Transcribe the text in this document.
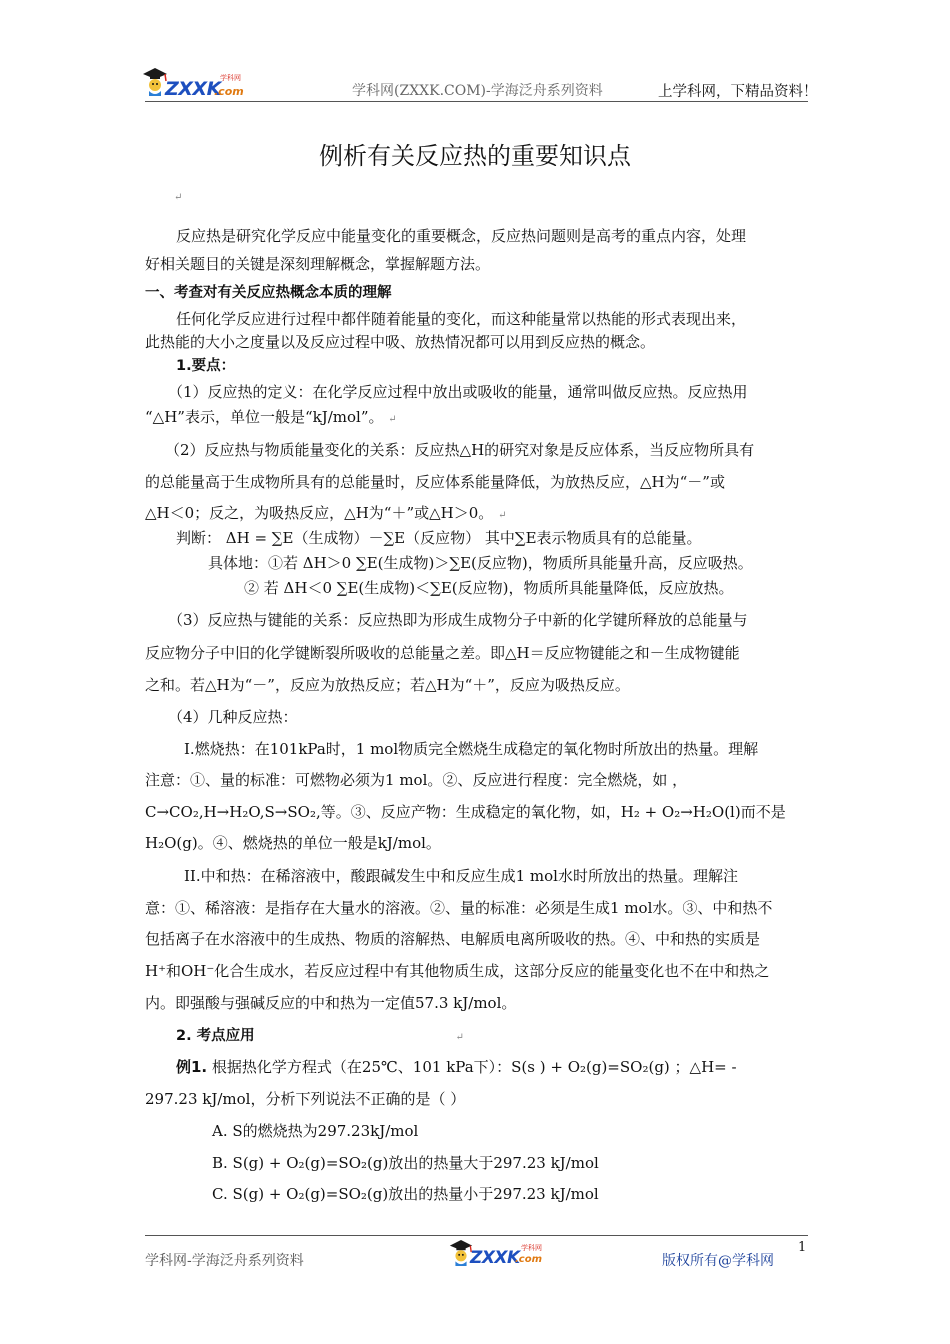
ZXXK
.com
学科网
学科网(ZXXK.COM)-学海泛舟系列资料	上学科网，下精品资料！
例析有关反应热的重要知识点
↵
反应热是研究化学反应中能量变化的重要概念，反应热问题则是高考的重点内容，处理
好相关题目的关键是深刻理解概念，掌握解题方法。
一、考查对有关反应热概念本质的理解
任何化学反应进行过程中都伴随着能量的变化，而这种能量常以热能的形式表现出来，
此热能的大小之度量以及反应过程中吸、放热情况都可以用到反应热的概念。
1.要点：
（1）反应热的定义：在化学反应过程中放出或吸收的能量，通常叫做反应热。反应热用
“△H”表示，单位一般是“kJ/mol”。 ↵
（2）反应热与物质能量变化的关系：反应热△H的研究对象是反应体系，当反应物所具有
的总能量高于生成物所具有的总能量时，反应体系能量降低，为放热反应，△H为“－”或
△H＜0；反之，为吸热反应，△H为“＋”或△H＞0。 ↵
判断： ΔH = ∑E（生成物）－∑E（反应物） 其中∑E表示物质具有的总能量。
具体地：①若 ΔH＞0 ∑E(生成物)＞∑E(反应物)，物质所具能量升高，反应吸热。
② 若 ΔH＜0 ∑E(生成物)＜∑E(反应物)，物质所具能量降低，反应放热。
（3）反应热与键能的关系：反应热即为形成生成物分子中新的化学键所释放的总能量与
反应物分子中旧的化学键断裂所吸收的总能量之差。即△H＝反应物键能之和－生成物键能
之和。若△H为“－”，反应为放热反应；若△H为“＋”，反应为吸热反应。
（4）几种反应热：
I.燃烧热：在101kPa时，1 mol物质完全燃烧生成稳定的氧化物时所放出的热量。理解
注意：①、量的标准：可燃物必须为1 mol。②、反应进行程度：完全燃烧，如 ，
C→CO₂,H→H₂O,S→SO₂,等。③、反应产物：生成稳定的氧化物，如，H₂ + O₂→H₂O(l)而不是
H₂O(g)。④、燃烧热的单位一般是kJ/mol。
II.中和热：在稀溶液中，酸跟碱发生中和反应生成1 mol水时所放出的热量。理解注
意：①、稀溶液：是指存在大量水的溶液。②、量的标准：必须是生成1 mol水。③、中和热不
包括离子在水溶液中的生成热、物质的溶解热、电解质电离所吸收的热。④、中和热的实质是
H⁺和OH⁻化合生成水，若反应过程中有其他物质生成，这部分反应的能量变化也不在中和热之
内。即强酸与强碱反应的中和热为一定值57.3 kJ/mol。
2. 考点应用	↵
例1. 根据热化学方程式（在25℃、101 kPa下）：S(s ) + O₂(g)=SO₂(g) ；△H= -
297.23 kJ/mol，分析下列说法不正确的是（ ）
A. S的燃烧热为297.23kJ/mol
B. S(g) + O₂(g)=SO₂(g)放出的热量大于297.23 kJ/mol
C. S(g) + O₂(g)=SO₂(g)放出的热量小于297.23 kJ/mol
学科网-学海泛舟系列资料	ZXXK
.com
学科网
版权所有@学科网
1
